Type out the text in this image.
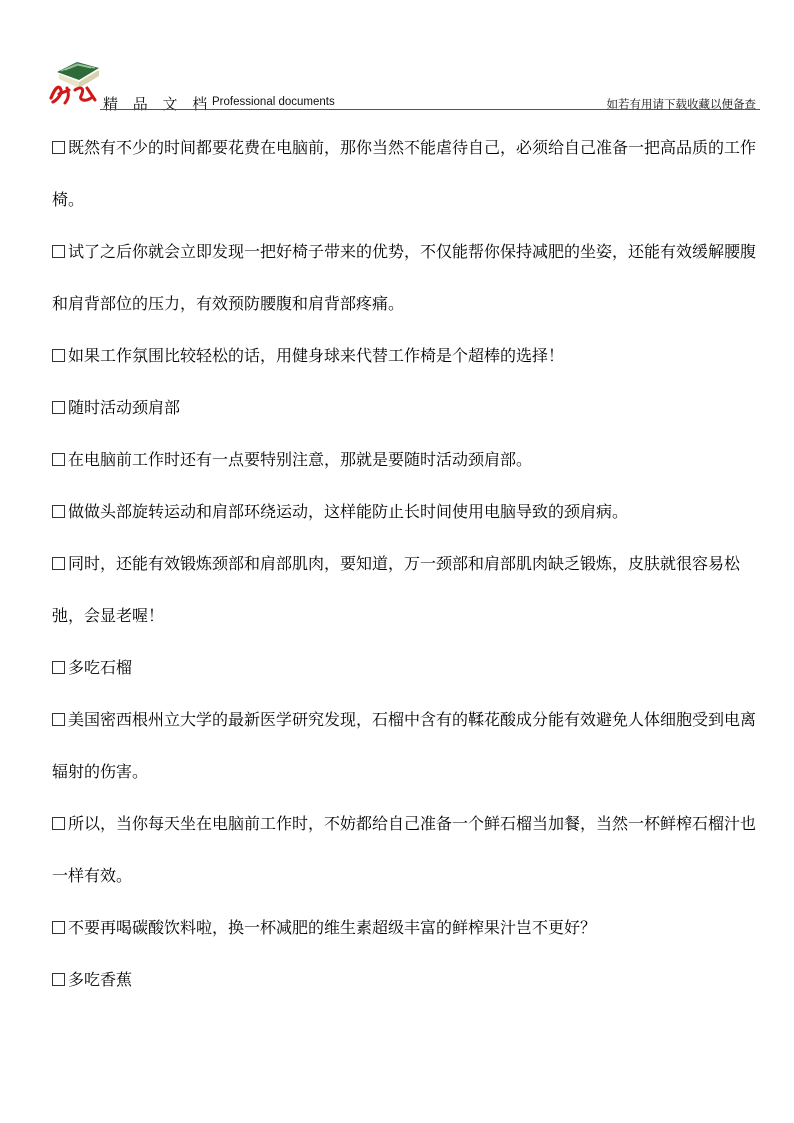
精 品 文 档 Professional documents	如若有用请下载收藏以便备查

既然有不少的时间都要花费在电脑前，那你当然不能虐待自己，必须给自己准备一把高品质的工作椅。

试了之后你就会立即发现一把好椅子带来的优势，不仅能帮你保持减肥的坐姿，还能有效缓解腰腹和肩背部位的压力，有效预防腰腹和肩背部疼痛。

如果工作氛围比较轻松的话，用健身球来代替工作椅是个超棒的选择！

随时活动颈肩部

在电脑前工作时还有一点要特别注意，那就是要随时活动颈肩部。

做做头部旋转运动和肩部环绕运动，这样能防止长时间使用电脑导致的颈肩病。

同时，还能有效锻炼颈部和肩部肌肉，要知道，万一颈部和肩部肌肉缺乏锻炼，皮肤就很容易松弛，会显老喔！

多吃石榴

美国密西根州立大学的最新医学研究发现，石榴中含有的鞣花酸成分能有效避免人体细胞受到电离辐射的伤害。

所以，当你每天坐在电脑前工作时，不妨都给自己准备一个鲜石榴当加餐，当然一杯鲜榨石榴汁也一样有效。

不要再喝碳酸饮料啦，换一杯减肥的维生素超级丰富的鲜榨果汁岂不更好？

多吃香蕉
